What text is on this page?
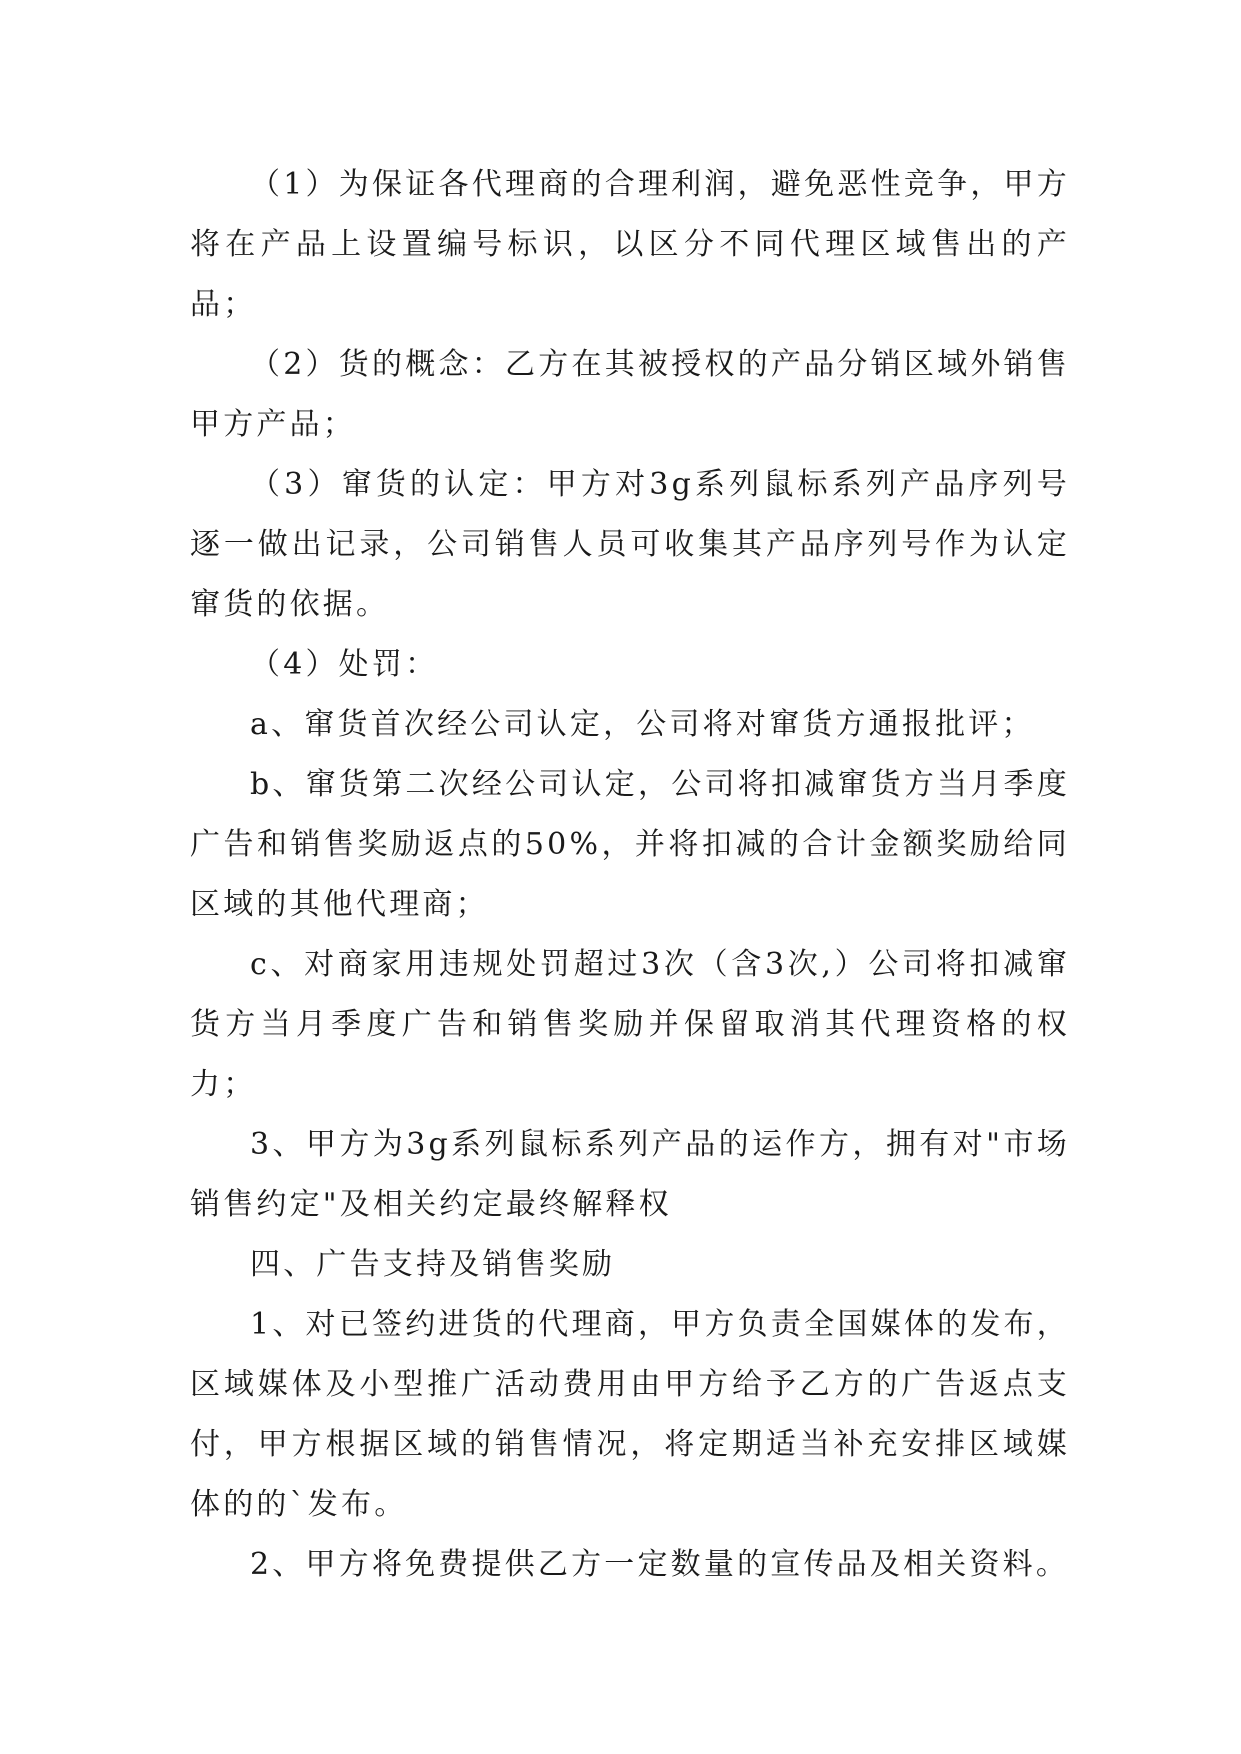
（1）为保证各代理商的合理利润，避免恶性竞争，甲方将在产品上设置编号标识，以区分不同代理区域售出的产品；

（2）货的概念：乙方在其被授权的产品分销区域外销售甲方产品；

（3）窜货的认定：甲方对3g系列鼠标系列产品序列号逐一做出记录，公司销售人员可收集其产品序列号作为认定窜货的依据。

（4）处罚：

a、窜货首次经公司认定，公司将对窜货方通报批评；

b、窜货第二次经公司认定，公司将扣减窜货方当月季度广告和销售奖励返点的50%，并将扣减的合计金额奖励给同区域的其他代理商；

c、对商家用违规处罚超过3次（含3次,）公司将扣减窜货方当月季度广告和销售奖励并保留取消其代理资格的权力；

3、甲方为3g系列鼠标系列产品的运作方，拥有对"市场销售约定"及相关约定最终解释权

四、广告支持及销售奖励

1、对已签约进货的代理商，甲方负责全国媒体的发布，区域媒体及小型推广活动费用由甲方给予乙方的广告返点支付，甲方根据区域的销售情况，将定期适当补充安排区域媒体的的`发布。

2、甲方将免费提供乙方一定数量的宣传品及相关资料。
